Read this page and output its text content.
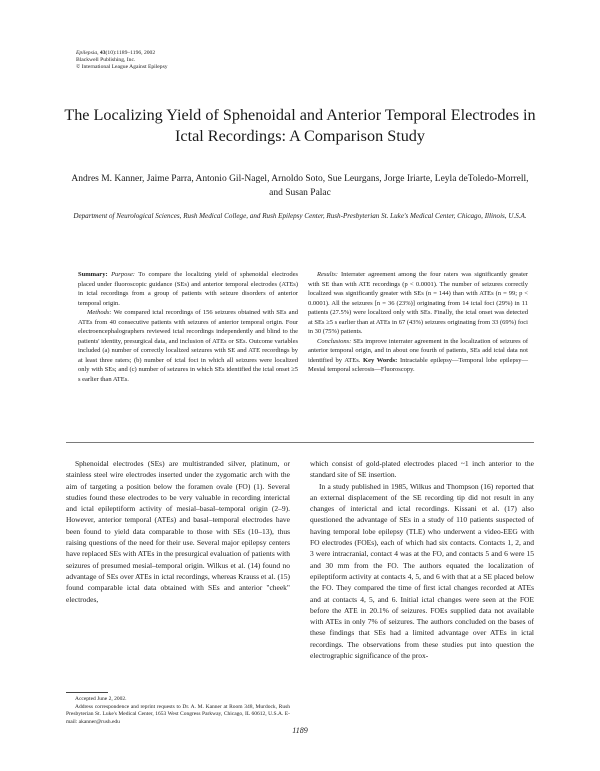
Epilepsia, 43(10):1189–1196, 2002
Blackwell Publishing, Inc.
© International League Against Epilepsy
The Localizing Yield of Sphenoidal and Anterior Temporal Electrodes in Ictal Recordings: A Comparison Study
Andres M. Kanner, Jaime Parra, Antonio Gil-Nagel, Arnoldo Soto, Sue Leurgans, Jorge Iriarte, Leyla deToledo-Morrell, and Susan Palac
Department of Neurological Sciences, Rush Medical College, and Rush Epilepsy Center, Rush-Presbyterian St. Luke's Medical Center, Chicago, Illinois, U.S.A.

Summary: Purpose: To compare the localizing yield of sphenoidal electrodes placed under fluoroscopic guidance (SEs) and anterior temporal electrodes (ATEs) in ictal recordings from a group of patients with seizure disorders of anterior temporal origin.

Methods: We compared ictal recordings of 156 seizures obtained with SEs and ATEs from 40 consecutive patients with seizures of anterior temporal origin. Four electroencephalographers reviewed ictal recordings independently and blind to the patients' identity, presurgical data, and inclusion of ATEs or SEs. Outcome variables included (a) number of correctly localized seizures with SE and ATE recordings by at least three raters; (b) number of ictal foci in which all seizures were localized only with SEs; and (c) number of seizures in which SEs identified the ictal onset ≥5 s earlier than ATEs.

Results: Interrater agreement among the four raters was significantly greater with SE than with ATE recordings (p < 0.0001). The number of seizures correctly localized was significantly greater with SEs (n = 144) than with ATEs (n = 99; p < 0.0001). All the seizures [n = 36 (23%)] originating from 14 ictal foci (29%) in 11 patients (27.5%) were localized only with SEs. Finally, the ictal onset was detected at SEs ≥5 s earlier than at ATEs in 67 (43%) seizures originating from 33 (69%) foci in 30 (75%) patients.

Conclusions: SEs improve interrater agreement in the localization of seizures of anterior temporal origin, and in about one fourth of patients, SEs add ictal data not identified by ATEs. Key Words: Intractable epilepsy—Temporal lobe epilepsy—Mesial temporal sclerosis—Fluoroscopy.

Sphenoidal electrodes (SEs) are multistranded silver, platinum, or stainless steel wire electrodes inserted under the zygomatic arch with the aim of targeting a position below the foramen ovale (FO) (1). Several studies found these electrodes to be very valuable in recording interictal and ictal epileptiform activity of mesial–basal–temporal origin (2–9). However, anterior temporal (ATEs) and basal–temporal electrodes have been found to yield data comparable to those with SEs (10–13), thus raising questions of the need for their use. Several major epilepsy centers have replaced SEs with ATEs in the presurgical evaluation of patients with seizures of presumed mesial–temporal origin. Wilkus et al. (14) found no advantage of SEs over ATEs in ictal recordings, whereas Krauss et al. (15) found comparable ictal data obtained with SEs and anterior "cheek" electrodes,

which consist of gold-plated electrodes placed ~1 inch anterior to the standard site of SE insertion.

In a study published in 1985, Wilkus and Thompson (16) reported that an external displacement of the SE recording tip did not result in any changes of interictal and ictal recordings. Kissani et al. (17) also questioned the advantage of SEs in a study of 110 patients suspected of having temporal lobe epilepsy (TLE) who underwent a video-EEG with FO electrodes (FOEs), each of which had six contacts. Contacts 1, 2, and 3 were intracranial, contact 4 was at the FO, and contacts 5 and 6 were 15 and 30 mm from the FO. The authors equated the localization of epileptiform activity at contacts 4, 5, and 6 with that at a SE placed below the FO. They compared the time of first ictal changes recorded at ATEs and at contacts 4, 5, and 6. Initial ictal changes were seen at the FOE before the ATE in 20.1% of seizures. FOEs supplied data not available with ATEs in only 7% of seizures. The authors concluded on the bases of these findings that SEs had a limited advantage over ATEs in ictal recordings. The observations from these studies put into question the electrographic significance of the prox-

Accepted June 2, 2002.

Address correspondence and reprint requests to Dr. A. M. Kanner at Room 348, Murdock, Rush Presbyterian St. Luke's Medical Center, 1653 West Congress Parkway, Chicago, IL 60612, U.S.A. E-mail: akanner@rush.edu

1189
